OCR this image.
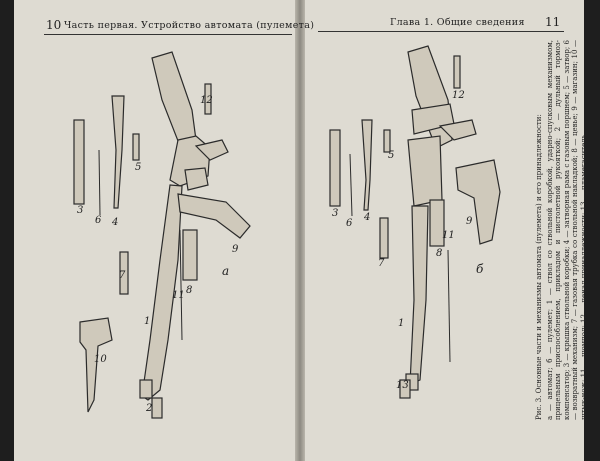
10 Часть первая. Устройство автомата (пулемета)	Глава 1. Общие сведения 11
1
2
3
4
5
6
7
8
9
10
11
12
а
1
3	4
5
6
7
8
9
11
12
13
б	Рис. 3. Основные части и механизмы автомата (пулемета) и его принадлежности: а — автомат; б — пулемет; 1 — ствол со ствольной коробкой, ударно-спусковым механизмом, прицельным приспособлением, прикладом и пистолетной рукояткой; 2 — дульный тормоз-компенсатор; 3 — крышка ствольной коробки; 4 — затворная рама с газовым поршнем; 5 — затвор; 6 — возвратный механизм; 7 — газовая трубка со ствольной накладкой; 8 — цевье; 9 — магазин; 10 — штык-нож; 11 — шомпол; 12 — пенал принадлежности; 13 — пламегаситель
